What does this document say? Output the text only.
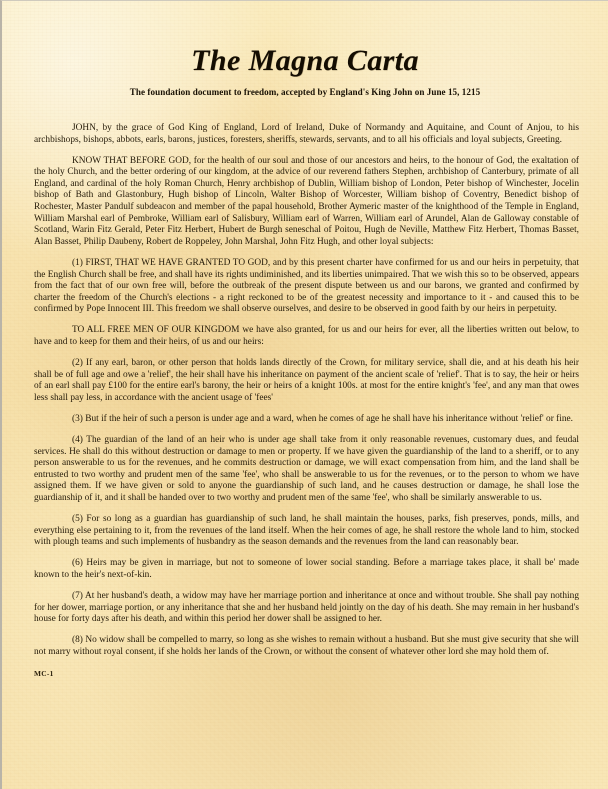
The Magna Carta

The foundation document to freedom, accepted by England's King John on June 15, 1215

JOHN, by the grace of God King of England, Lord of Ireland, Duke of Normandy and Aquitaine, and Count of Anjou, to his archbishops, bishops, abbots, earls, barons, justices, foresters, sheriffs, stewards, servants, and to all his officials and loyal subjects, Greeting.

KNOW THAT BEFORE GOD, for the health of our soul and those of our ancestors and heirs, to the honour of God, the exaltation of the holy Church, and the better ordering of our kingdom, at the advice of our reverend fathers Stephen, archbishop of Canterbury, primate of all England, and cardinal of the holy Roman Church, Henry archbishop of Dublin, William bishop of London, Peter bishop of Winchester, Jocelin bishop of Bath and Glastonbury, Hugh bishop of Lincoln, Walter Bishop of Worcester, William bishop of Coventry, Benedict bishop of Rochester, Master Pandulf subdeacon and member of the papal household, Brother Aymeric master of the knighthood of the Temple in England, William Marshal earl of Pembroke, William earl of Salisbury, William earl of Warren, William earl of Arundel, Alan de Galloway constable of Scotland, Warin Fitz Gerald, Peter Fitz Herbert, Hubert de Burgh seneschal of Poitou, Hugh de Neville, Matthew Fitz Herbert, Thomas Basset, Alan Basset, Philip Daubeny, Robert de Roppeley, John Marshal, John Fitz Hugh, and other loyal subjects:

(1) FIRST, THAT WE HAVE GRANTED TO GOD, and by this present charter have confirmed for us and our heirs in perpetuity, that the English Church shall be free, and shall have its rights undiminished, and its liberties unimpaired. That we wish this so to be observed, appears from the fact that of our own free will, before the outbreak of the present dispute between us and our barons, we granted and confirmed by charter the freedom of the Church's elections - a right reckoned to be of the greatest necessity and importance to it - and caused this to be confirmed by Pope Innocent III. This freedom we shall observe ourselves, and desire to be observed in good faith by our heirs in perpetuity.

TO ALL FREE MEN OF OUR KINGDOM we have also granted, for us and our heirs for ever, all the liberties written out below, to have and to keep for them and their heirs, of us and our heirs:

(2) If any earl, baron, or other person that holds lands directly of the Crown, for military service, shall die, and at his death his heir shall be of full age and owe a 'relief', the heir shall have his inheritance on payment of the ancient scale of 'relief'. That is to say, the heir or heirs of an earl shall pay £100 for the entire earl's barony, the heir or heirs of a knight 100s. at most for the entire knight's 'fee', and any man that owes less shall pay less, in accordance with the ancient usage of 'fees'

(3) But if the heir of such a person is under age and a ward, when he comes of age he shall have his inheritance without 'relief' or fine.

(4) The guardian of the land of an heir who is under age shall take from it only reasonable revenues, customary dues, and feudal services. He shall do this without destruction or damage to men or property. If we have given the guardianship of the land to a sheriff, or to any person answerable to us for the revenues, and he commits destruction or damage, we will exact compensation from him, and the land shall be entrusted to two worthy and prudent men of the same 'fee', who shall be answerable to us for the revenues, or to the person to whom we have assigned them. If we have given or sold to anyone the guardianship of such land, and he causes destruction or damage, he shall lose the guardianship of it, and it shall be handed over to two worthy and prudent men of the same 'fee', who shall be similarly answerable to us.

(5) For so long as a guardian has guardianship of such land, he shall maintain the houses, parks, fish preserves, ponds, mills, and everything else pertaining to it, from the revenues of the land itself. When the heir comes of age, he shall restore the whole land to him, stocked with plough teams and such implements of husbandry as the season demands and the revenues from the land can reasonably bear.

(6) Heirs may be given in marriage, but not to someone of lower social standing. Before a marriage takes place, it shall be' made known to the heir's next-of-kin.

(7) At her husband's death, a widow may have her marriage portion and inheritance at once and without trouble. She shall pay nothing for her dower, marriage portion, or any inheritance that she and her husband held jointly on the day of his death. She may remain in her husband's house for forty days after his death, and within this period her dower shall be assigned to her.

(8) No widow shall be compelled to marry, so long as she wishes to remain without a husband. But she must give security that she will not marry without royal consent, if she holds her lands of the Crown, or without the consent of whatever other lord she may hold them of.

MC-1
